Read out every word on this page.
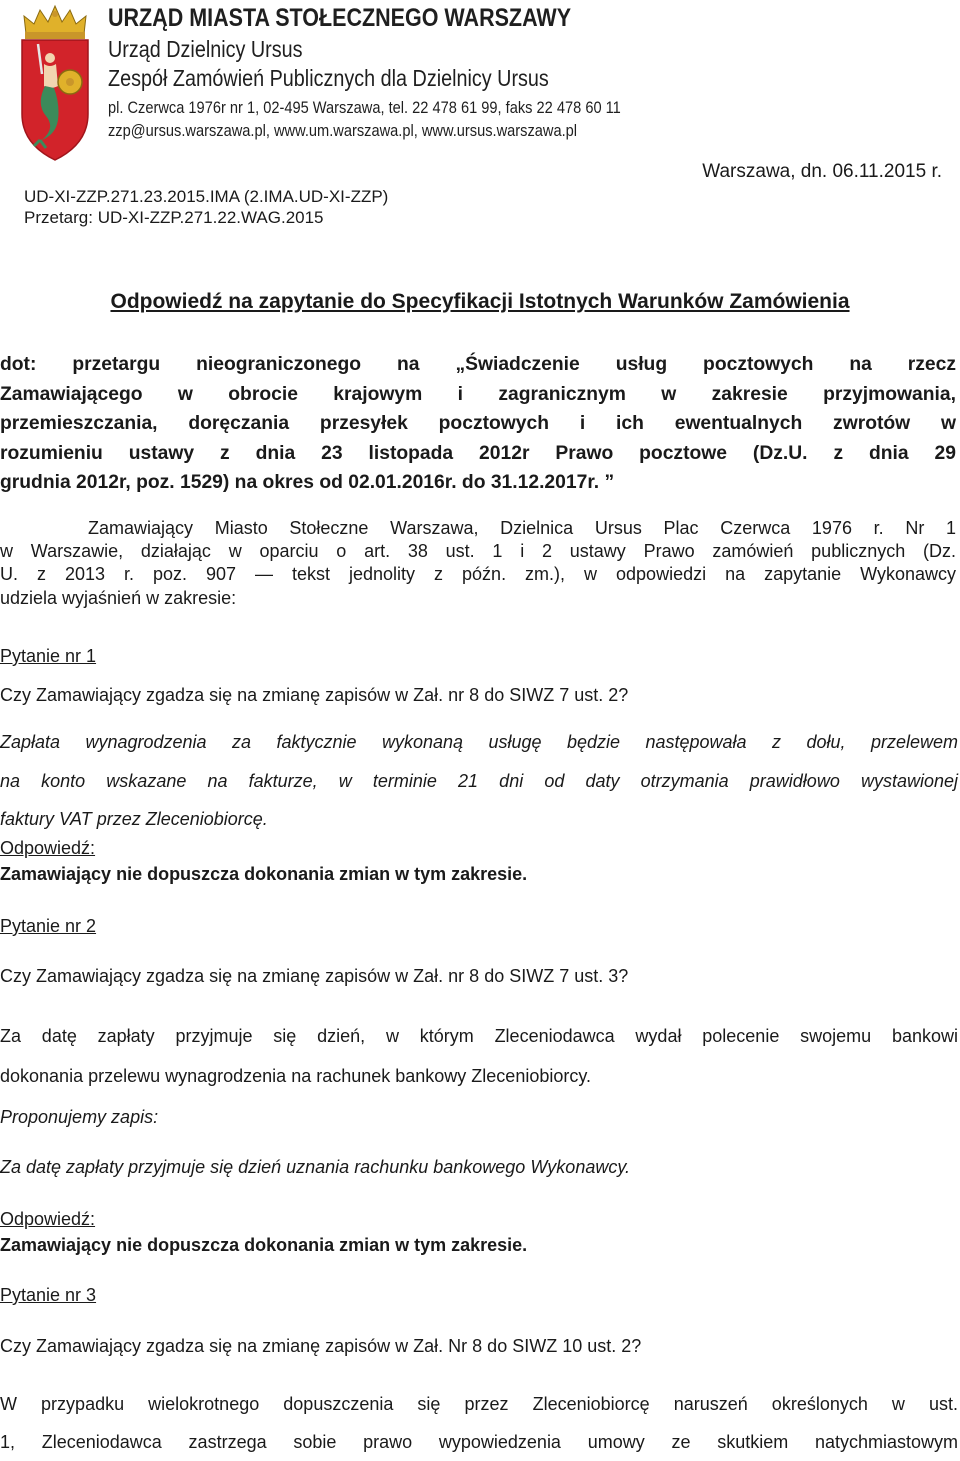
URZĄD MIASTA STOŁECZNEGO WARSZAWY
Urząd Dzielnicy Ursus
Zespół Zamówień Publicznych dla Dzielnicy Ursus
pl. Czerwca 1976r nr 1, 02-495 Warszawa, tel. 22 478 61 99, faks 22 478 60 11
zzp@ursus.warszawa.pl, www.um.warszawa.pl, www.ursus.warszawa.pl
UD-XI-ZZP.271.23.2015.IMA (2.IMA.UD-XI-ZZP)
Przetarg: UD-XI-ZZP.271.22.WAG.2015
Warszawa, dn. 06.11.2015 r.
Odpowiedź na zapytanie do Specyfikacji Istotnych Warunków Zamówienia
dot: przetargu nieograniczonego na „Świadczenie usług pocztowych na rzecz
Zamawiającego w obrocie krajowym i zagranicznym w zakresie przyjmowania,
przemieszczania, doręczania przesyłek pocztowych i ich ewentualnych zwrotów w
rozumieniu ustawy z dnia 23 listopada 2012r Prawo pocztowe (Dz.U. z dnia 29
grudnia 2012r, poz. 1529) na okres od 02.01.2016r. do 31.12.2017r. ”
Zamawiający Miasto Stołeczne Warszawa, Dzielnica Ursus Plac Czerwca 1976 r. Nr 1
w Warszawie, działając w oparciu o art. 38 ust. 1 i 2 ustawy Prawo zamówień publicznych (Dz.
U. z 2013 r. poz. 907 — tekst jednolity z późn. zm.), w odpowiedzi na zapytanie Wykonawcy
udziela wyjaśnień w zakresie:
Pytanie nr 1
Czy Zamawiający zgadza się na zmianę zapisów w Zał. nr 8 do SIWZ 7 ust. 2?
Zapłata wynagrodzenia za faktycznie wykonaną usługę będzie następowała z dołu, przelewem
na konto wskazane na fakturze, w terminie 21 dni od daty otrzymania prawidłowo wystawionej
faktury VAT przez Zleceniobiorcę.
Odpowiedź:
Zamawiający nie dopuszcza dokonania zmian w tym zakresie.
Pytanie nr 2
Czy Zamawiający zgadza się na zmianę zapisów w Zał. nr 8 do SIWZ 7 ust. 3?
Za datę zapłaty przyjmuje się dzień, w którym Zleceniodawca wydał polecenie swojemu bankowi
dokonania przelewu wynagrodzenia na rachunek bankowy Zleceniobiorcy.
Proponujemy zapis:
Za datę zapłaty przyjmuje się dzień uznania rachunku bankowego Wykonawcy.
Odpowiedź:
Zamawiający nie dopuszcza dokonania zmian w tym zakresie.
Pytanie nr 3
Czy Zamawiający zgadza się na zmianę zapisów w Zał. Nr 8 do SIWZ 10 ust. 2?
W przypadku wielokrotnego dopuszczenia się przez Zleceniobiorcę naruszeń określonych w ust.
1, Zleceniodawca zastrzega sobie prawo wypowiedzenia umowy ze skutkiem natychmiastowym
